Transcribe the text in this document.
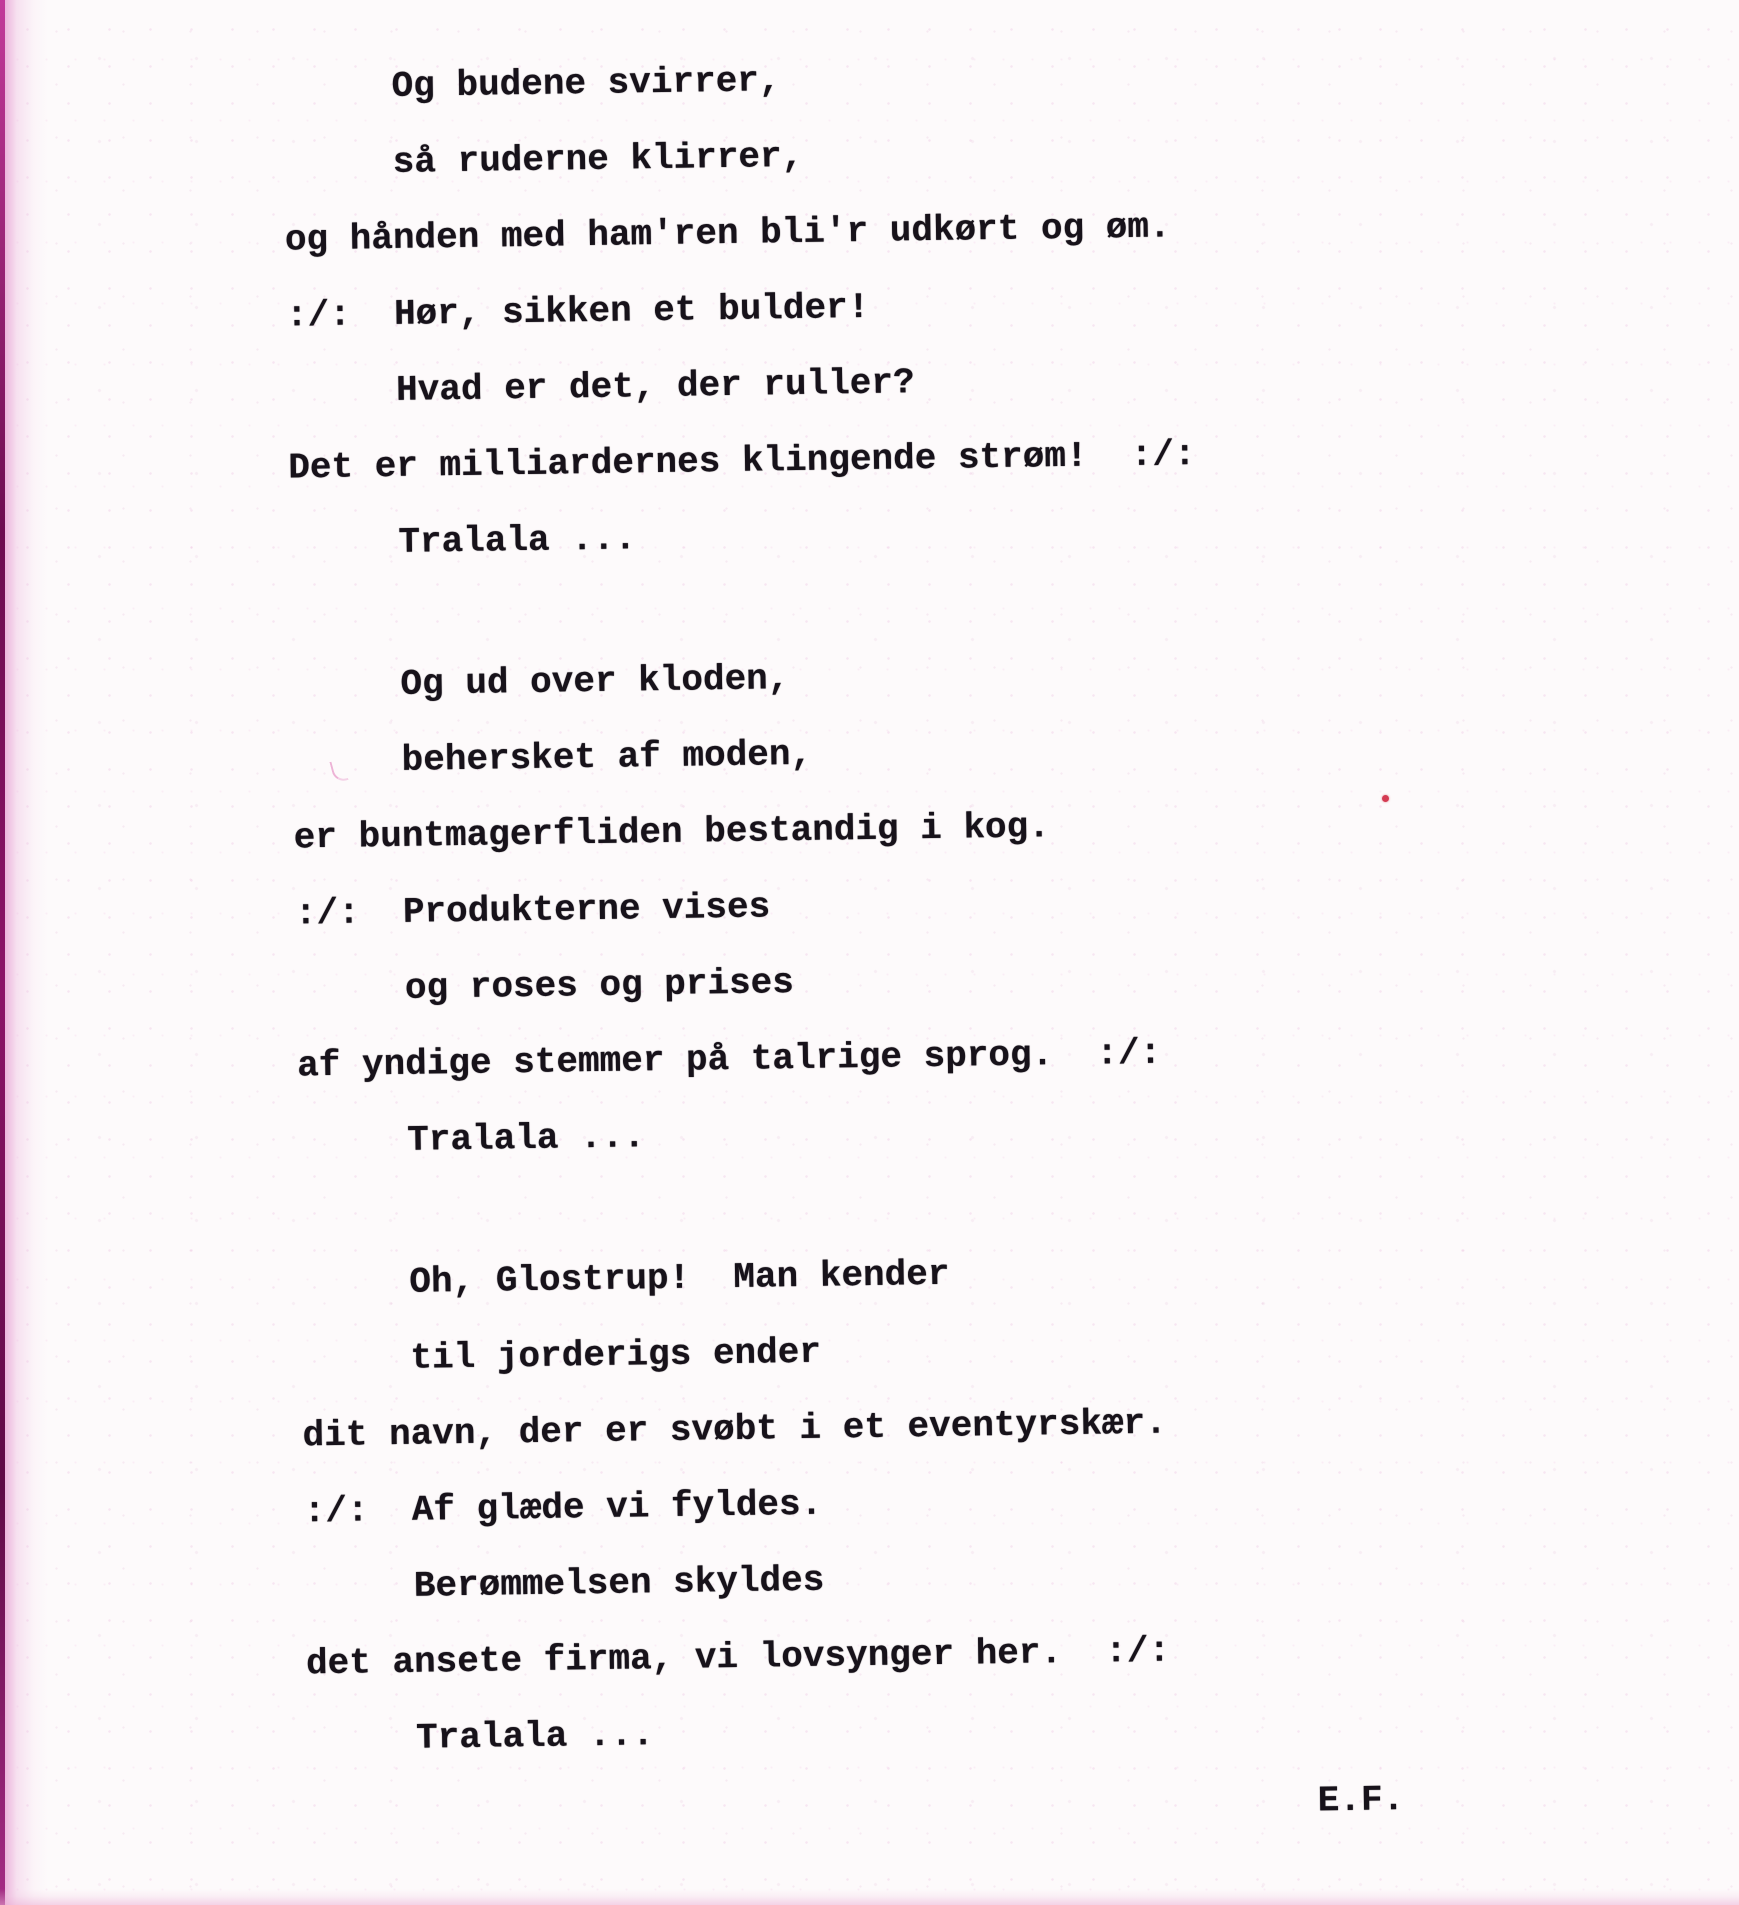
Og budene svirrer,
så ruderne klirrer,
og hånden med ham'ren bli'r udkørt og øm.
:/:  Hør, sikken et bulder!
Hvad er det, der ruller?
Det er milliardernes klingende strøm!  :/:
Tralala ...
Og ud over kloden,
behersket af moden,
er buntmagerfliden bestandig i kog.
:/:  Produkterne vises
og roses og prises
af yndige stemmer på talrige sprog.  :/:
Tralala ...
Oh, Glostrup!  Man kender
til jorderigs ender
dit navn, der er svøbt i et eventyrskær.
:/:  Af glæde vi fyldes.
Berømmelsen skyldes
det ansete firma, vi lovsynger her.  :/:
Tralala ...
E.F.
